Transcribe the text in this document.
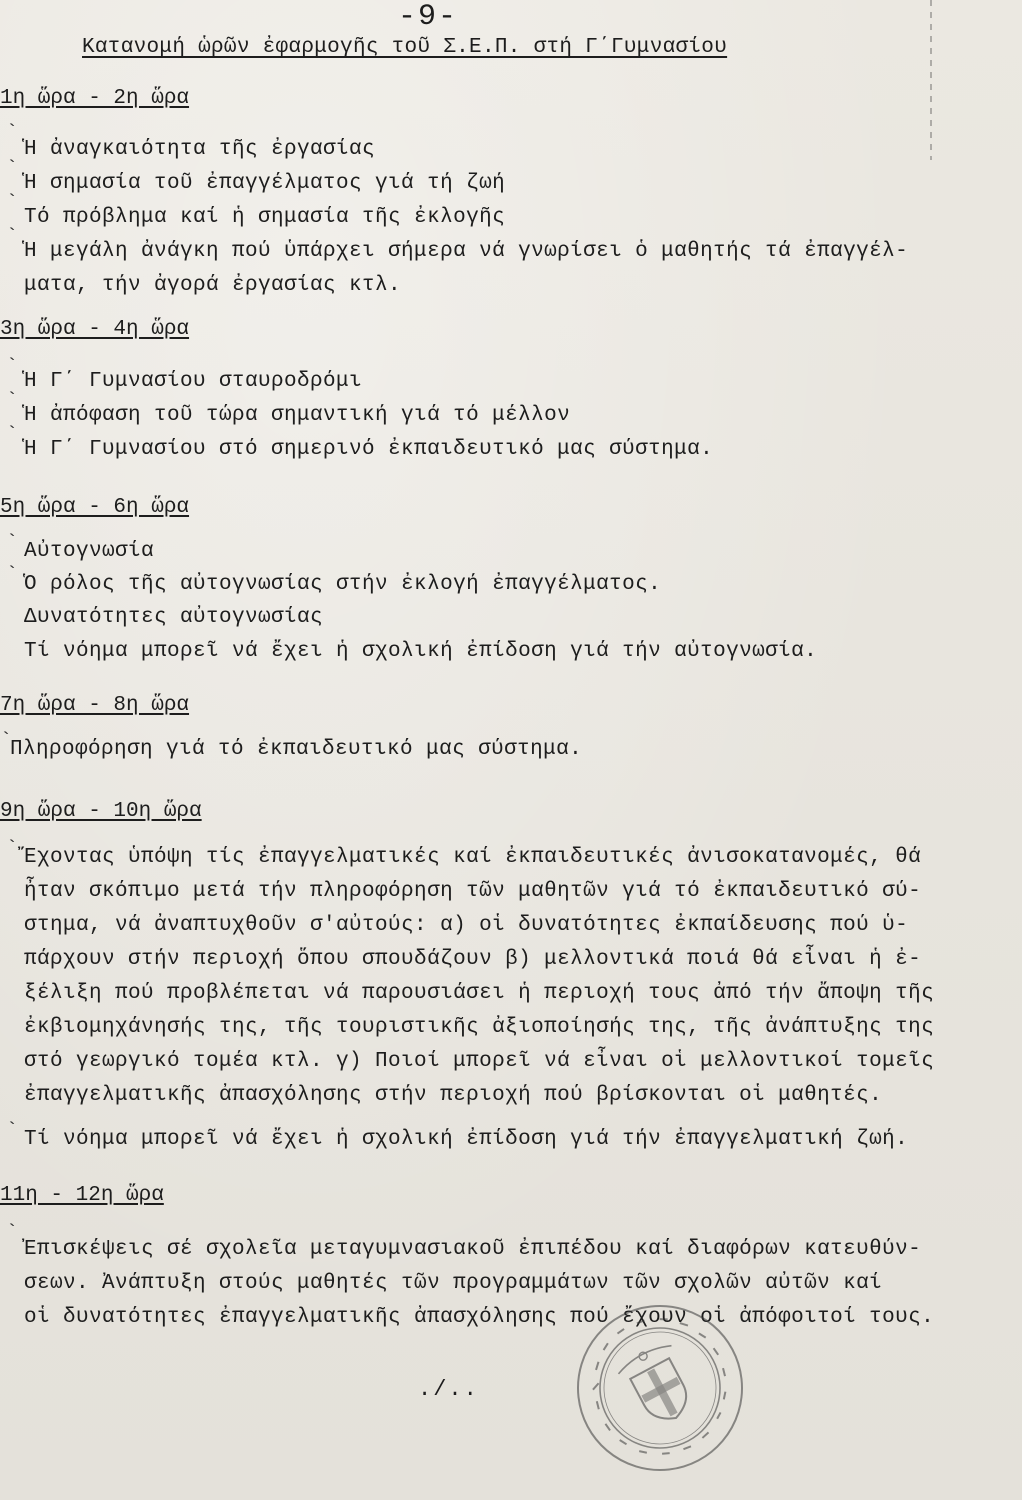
-9-
Κατανομή ὡρῶν ἐφαρμογῆς τοῦ Σ.Ε.Π. στή Γ΄Γυμνασίου
1η ὥρα - 2η ὥρα
`
Ἡ ἀναγκαιότητα τῆς ἐργασίας
`
Ἡ σημασία τοῦ ἐπαγγέλματος γιά τή ζωή
`
Τό πρόβλημα καί ἡ σημασία τῆς ἐκλογῆς
`
Ἡ μεγάλη ἀνάγκη πού ὑπάρχει σήμερα νά γνωρίσει ὁ μαθητής τά ἐπαγγέλ-
ματα, τήν ἀγορά ἐργασίας κτλ.
3η ὥρα - 4η ὥρα
`
Ἡ Γ΄ Γυμνασίου σταυροδρόμι
`
Ἡ ἀπόφαση τοῦ τώρα σημαντική γιά τό μέλλον
`
Ἡ Γ΄ Γυμνασίου στό σημερινό ἐκπαιδευτικό μας σύστημα.
5η ὥρα - 6η ὥρα
` Αὐτογνωσία
` Ὁ ρόλος τῆς αὐτογνωσίας στήν ἐκλογή ἐπαγγέλματος.
Δυνατότητες αὐτογνωσίας
Τί νόημα μπορεῖ νά ἔχει ἡ σχολική ἐπίδοση γιά τήν αὐτογνωσία.
7η ὥρα - 8η ὥρα
`
Πληροφόρηση γιά τό ἐκπαιδευτικό μας σύστημα.
9η ὥρα - 10η ὥρα
` Ἔχοντας ὑπόψη τίς ἐπαγγελματικές καί ἐκπαιδευτικές ἀνισοκατανομές, θά
ἦταν σκόπιμο μετά τήν πληροφόρηση τῶν μαθητῶν γιά τό ἐκπαιδευτικό σύ-
στημα, νά ἀναπτυχθοῦν σ'αὐτούς: α) οἱ δυνατότητες ἐκπαίδευσης πού ὑ-
πάρχουν στήν περιοχή ὅπου σπουδάζουν β) μελλοντικά ποιά θά εἶναι ἡ ἐ-
ξέλιξη πού προβλέπεται νά παρουσιάσει ἡ περιοχή τους ἀπό τήν ἄποψη τῆς
ἐκβιομηχάνησής της, τῆς τουριστικῆς ἀξιοποίησής της, τῆς ἀνάπτυξης της
στό γεωργικό τομέα κτλ. γ) Ποιοί μπορεῖ νά εἶναι οἱ μελλοντικοί τομεῖς
ἐπαγγελματικῆς ἀπασχόλησης στήν περιοχή πού βρίσκονται οἱ μαθητές.
` Τί νόημα μπορεῖ νά ἔχει ἡ σχολική ἐπίδοση γιά τήν ἐπαγγελματική ζωή.
11η - 12η ὥρα
`
Ἐπισκέψεις σέ σχολεῖα μεταγυμνασιακοῦ ἐπιπέδου καί διαφόρων κατευθύν-
σεων. Ἀνάπτυξη στούς μαθητές τῶν προγραμμάτων τῶν σχολῶν αὐτῶν καί
οἱ δυνατότητες ἐπαγγελματικῆς ἀπασχόλησης πού ἔχουν οἱ ἀπόφοιτοί τους.
./..
